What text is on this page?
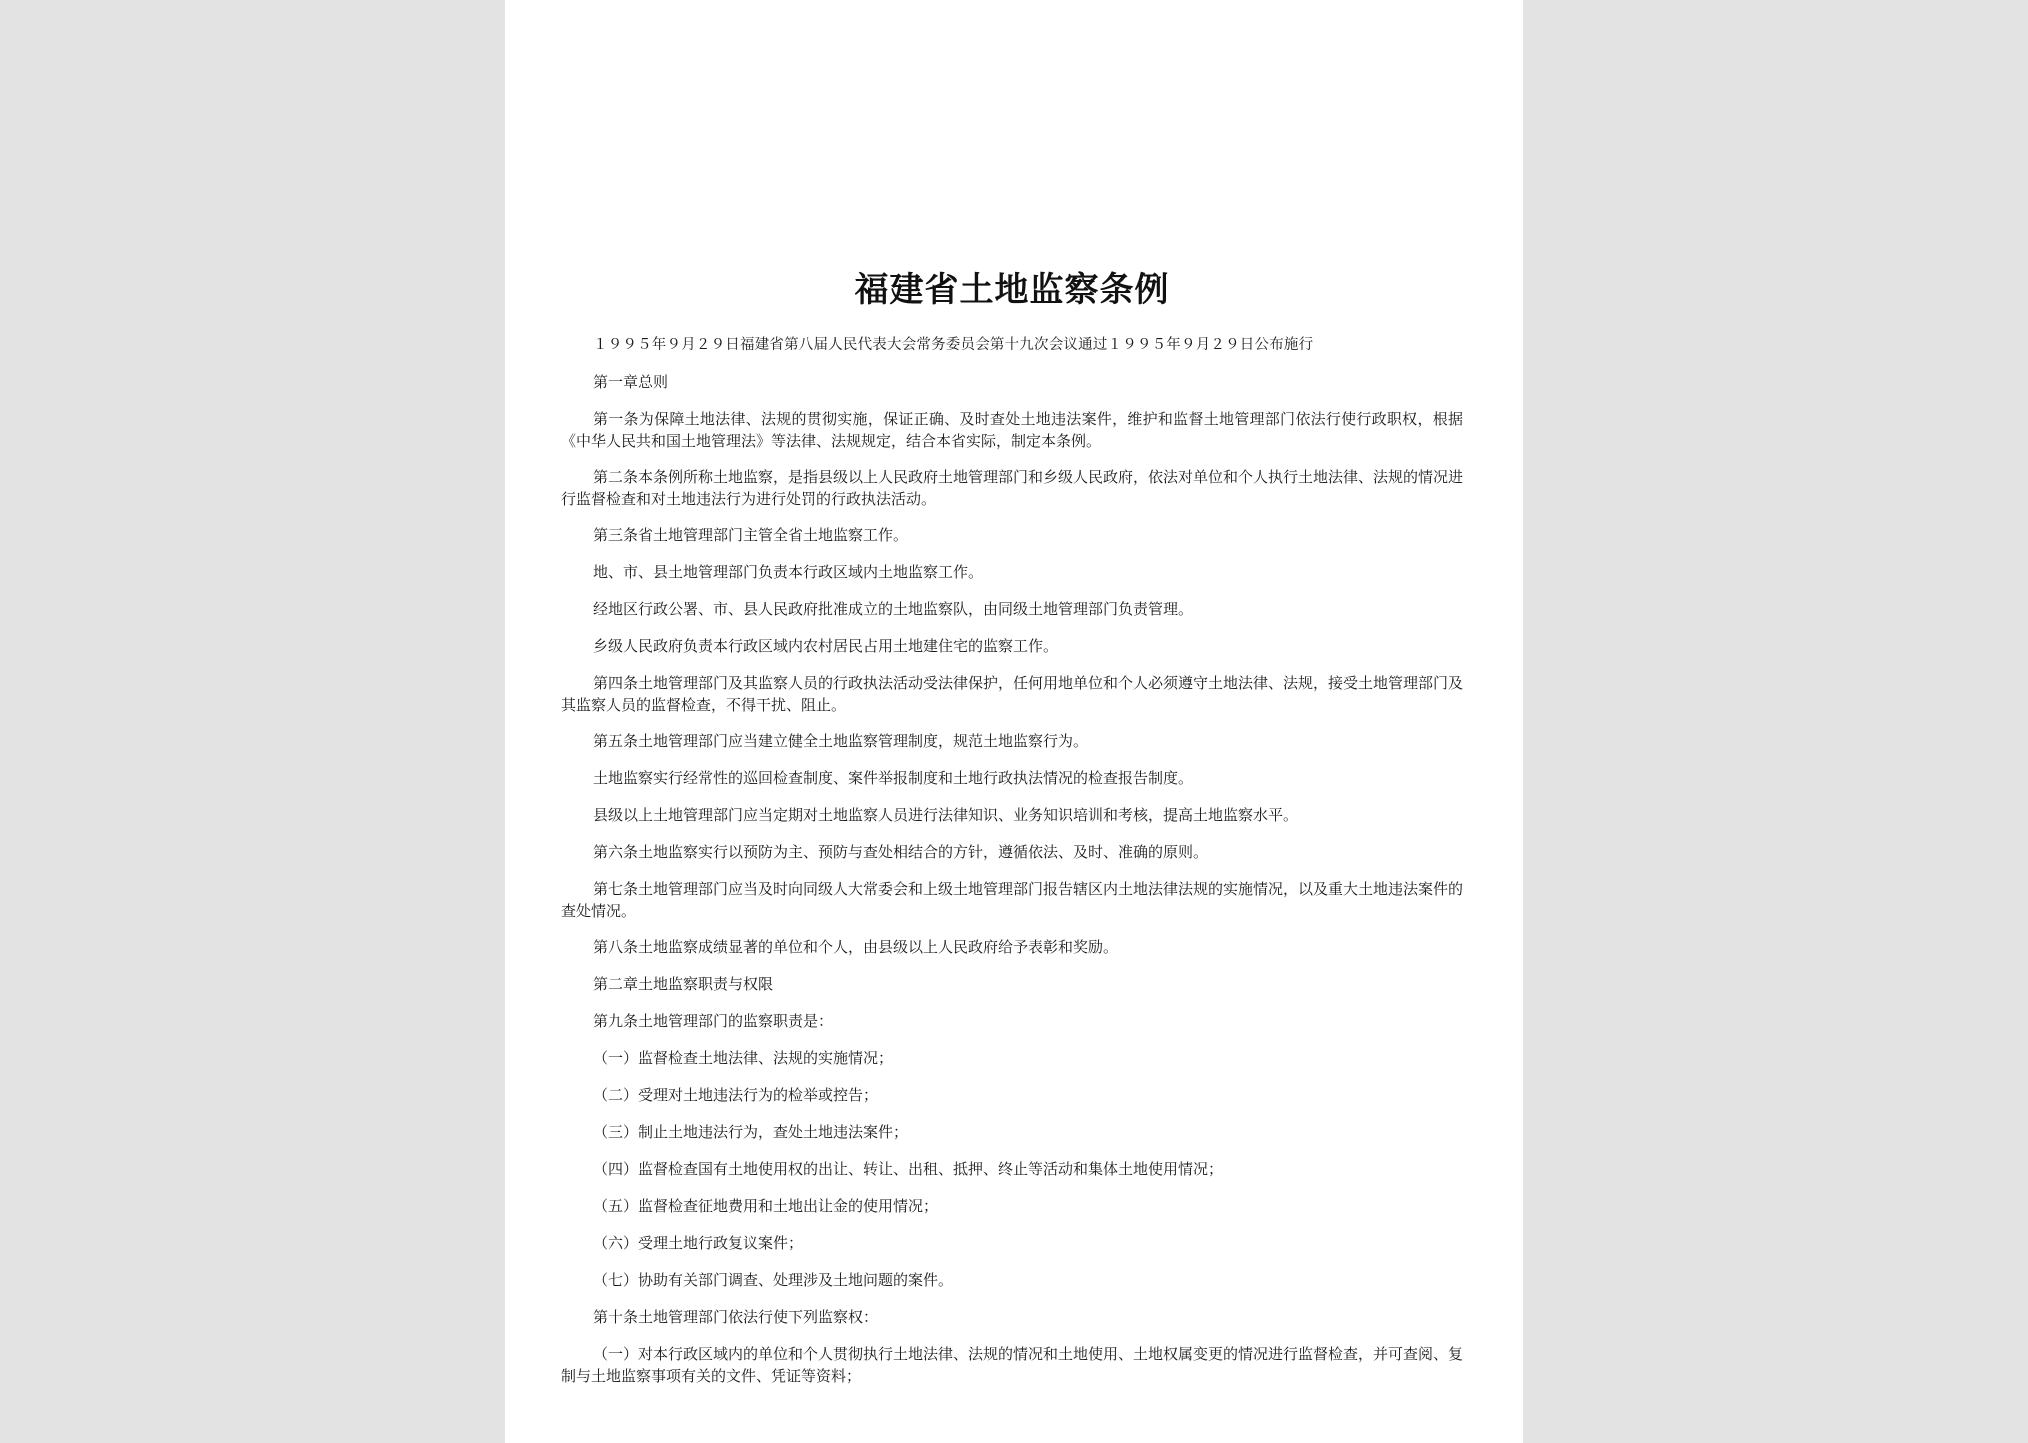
福建省土地监察条例

１９９５年９月２９日福建省第八届人民代表大会常务委员会第十九次会议通过１９９５年９月２９日公布施行

第一章总则

第一条为保障土地法律、法规的贯彻实施，保证正确、及时查处土地违法案件，维护和监督土地管理部门依法行使行政职权，根据《中华人民共和国土地管理法》等法律、法规规定，结合本省实际，制定本条例。

第二条本条例所称土地监察，是指县级以上人民政府土地管理部门和乡级人民政府，依法对单位和个人执行土地法律、法规的情况进行监督检查和对土地违法行为进行处罚的行政执法活动。

第三条省土地管理部门主管全省土地监察工作。

地、市、县土地管理部门负责本行政区域内土地监察工作。

经地区行政公署、市、县人民政府批准成立的土地监察队，由同级土地管理部门负责管理。

乡级人民政府负责本行政区域内农村居民占用土地建住宅的监察工作。

第四条土地管理部门及其监察人员的行政执法活动受法律保护，任何用地单位和个人必须遵守土地法律、法规，接受土地管理部门及其监察人员的监督检查，不得干扰、阻止。

第五条土地管理部门应当建立健全土地监察管理制度，规范土地监察行为。

土地监察实行经常性的巡回检查制度、案件举报制度和土地行政执法情况的检查报告制度。

县级以上土地管理部门应当定期对土地监察人员进行法律知识、业务知识培训和考核，提高土地监察水平。

第六条土地监察实行以预防为主、预防与查处相结合的方针，遵循依法、及时、准确的原则。

第七条土地管理部门应当及时向同级人大常委会和上级土地管理部门报告辖区内土地法律法规的实施情况，以及重大土地违法案件的查处情况。

第八条土地监察成绩显著的单位和个人，由县级以上人民政府给予表彰和奖励。

第二章土地监察职责与权限

第九条土地管理部门的监察职责是：

（一）监督检查土地法律、法规的实施情况；

（二）受理对土地违法行为的检举或控告；

（三）制止土地违法行为，查处土地违法案件；

（四）监督检查国有土地使用权的出让、转让、出租、抵押、终止等活动和集体土地使用情况；

（五）监督检查征地费用和土地出让金的使用情况；

（六）受理土地行政复议案件；

（七）协助有关部门调查、处理涉及土地问题的案件。

第十条土地管理部门依法行使下列监察权：

（一）对本行政区域内的单位和个人贯彻执行土地法律、法规的情况和土地使用、土地权属变更的情况进行监督检查，并可查阅、复制与土地监察事项有关的文件、凭证等资料；
